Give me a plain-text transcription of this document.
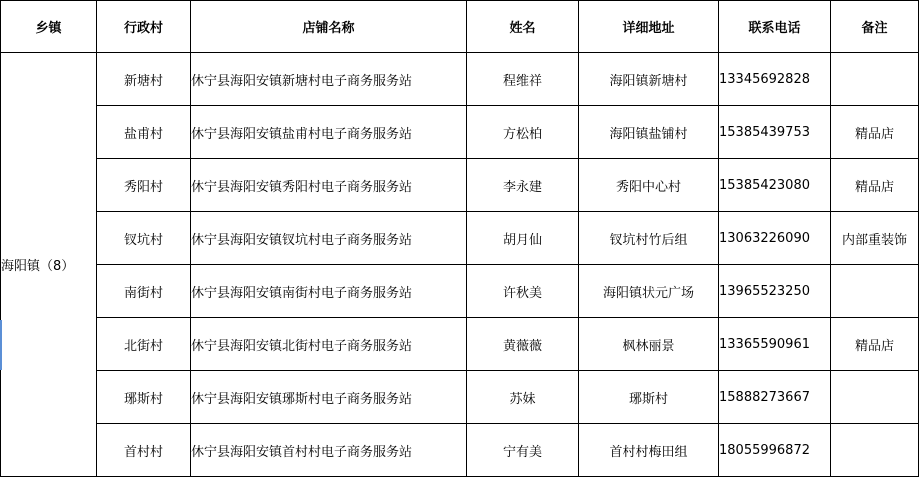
乡镇	行政村	店铺名称	姓名	详细地址	联系电话	备注
海阳镇（8）	新塘村	休宁县海阳安镇新塘村电子商务服务站	程维祥	海阳镇新塘村	13345692828	
	盐甫村	休宁县海阳安镇盐甫村电子商务服务站	方松柏	海阳镇盐铺村	15385439753	精品店
	秀阳村	休宁县海阳安镇秀阳村电子商务服务站	李永建	秀阳中心村	15385423080	精品店
	钗坑村	休宁县海阳安镇钗坑村电子商务服务站	胡月仙	钗坑村竹后组	13063226090	内部重装饰
	南街村	休宁县海阳安镇南街村电子商务服务站	许秋美	海阳镇状元广场	13965523250	
	北街村	休宁县海阳安镇北街村电子商务服务站	黄薇薇	枫林丽景	13365590961	精品店
	琊斯村	休宁县海阳安镇琊斯村电子商务服务站	苏妹	琊斯村	15888273667	
	首村村	休宁县海阳安镇首村村电子商务服务站	宁有美	首村村梅田组	18055996872	
